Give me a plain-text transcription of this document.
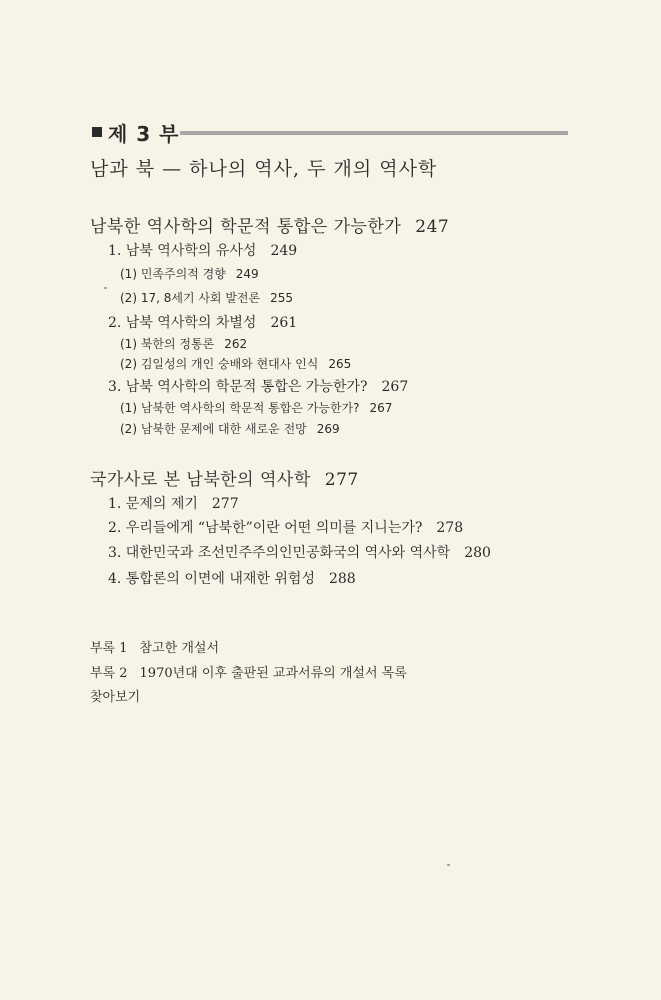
제 3 부
남과 북 — 하나의 역사, 두 개의 역사학
남북한 역사학의 학문적 통합은 가능한가 247
1. 남북 역사학의 유사성 249
(1) 민족주의적 경향 249
(2) 17, 8세기 사회 발전론 255
2. 남북 역사학의 차별성 261
(1) 북한의 정통론 262
(2) 김일성의 개인 숭배와 현대사 인식 265
3. 남북 역사학의 학문적 통합은 가능한가? 267
(1) 남북한 역사학의 학문적 통합은 가능한가? 267
(2) 남북한 문제에 대한 새로운 전망 269
국가사로 본 남북한의 역사학 277
1. 문제의 제기 277
2. 우리들에게 “남북한”이란 어떤 의미를 지니는가? 278
3. 대한민국과 조선민주주의인민공화국의 역사와 역사학 280
4. 통합론의 이면에 내재한 위험성 288
부록 1 참고한 개설서
부록 2 1970년대 이후 출판된 교과서류의 개설서 목록
찾아보기
